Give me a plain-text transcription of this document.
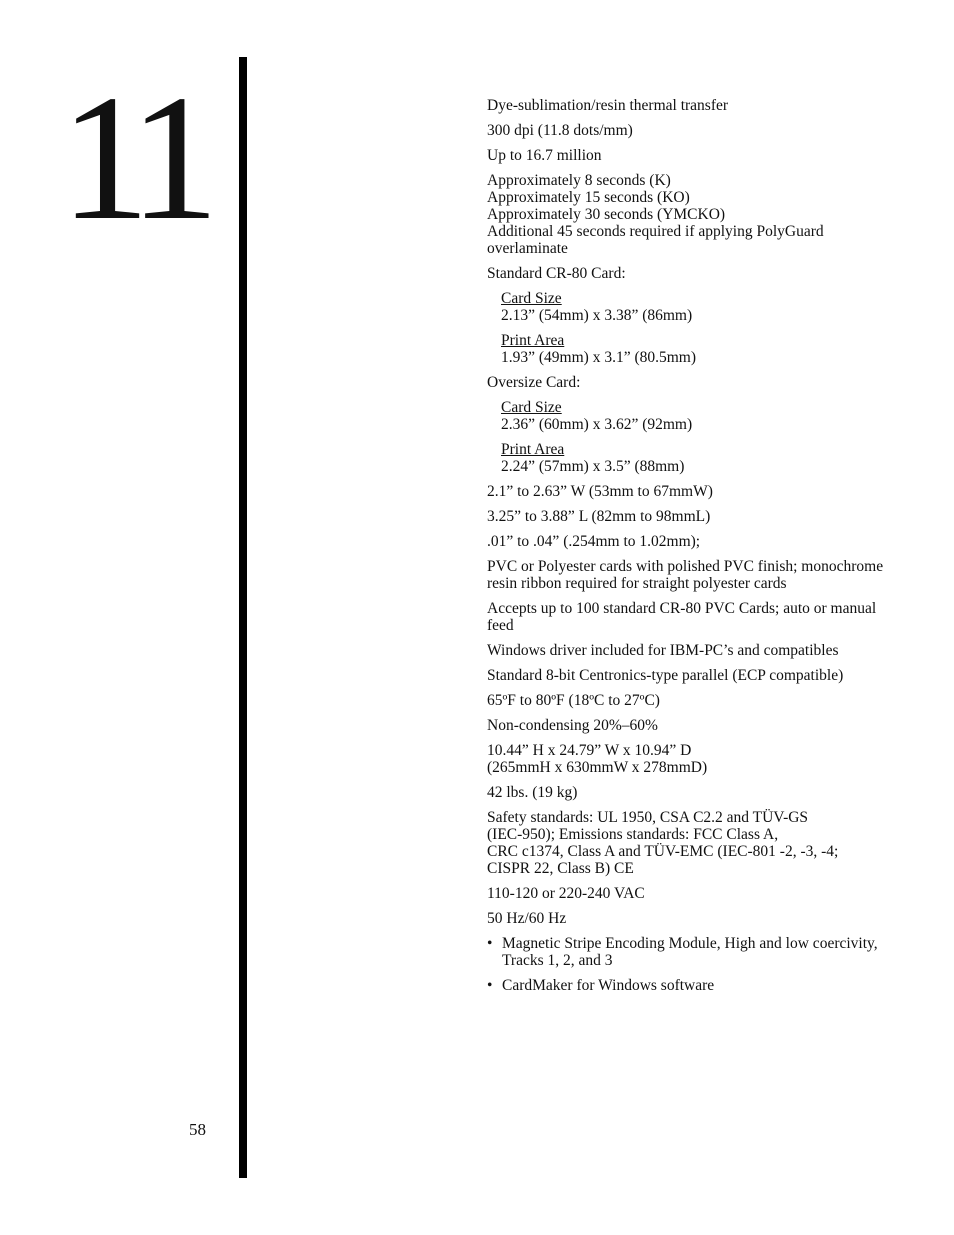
11
58

Dye-sublimation/resin thermal transfer

300 dpi (11.8 dots/mm)

Up to 16.7 million

Approximately 8 seconds (K)
Approximately 15 seconds (KO)
Approximately 30 seconds (YMCKO)
Additional 45 seconds required if applying PolyGuard overlaminate

Standard CR-80 Card:

Card Size
2.13” (54mm) x 3.38” (86mm)

Print Area
1.93” (49mm) x 3.1” (80.5mm)

Oversize Card:

Card Size
2.36” (60mm) x 3.62” (92mm)

Print Area
2.24” (57mm) x 3.5” (88mm)

2.1” to 2.63” W (53mm to 67mmW)

3.25” to 3.88” L (82mm to 98mmL)

.01” to .04” (.254mm to 1.02mm);

PVC or Polyester cards with polished PVC finish; monochrome resin ribbon required for straight polyester cards

Accepts up to 100 standard CR-80 PVC Cards; auto or manual feed

Windows driver included for IBM-PC’s and compatibles

Standard 8-bit Centronics-type parallel (ECP compatible)

65ºF to 80ºF (18ºC to 27ºC)

Non-condensing 20%–60%

10.44” H x 24.79” W x 10.94” D
(265mmH x 630mmW x 278mmD)

42 lbs. (19 kg)

Safety standards: UL 1950, CSA C2.2 and TÜV-GS
(IEC-950); Emissions standards: FCC Class A,
CRC c1374, Class A and TÜV-EMC (IEC-801 -2, -3, -4;
CISPR 22, Class B) CE

110-120 or 220-240 VAC

50 Hz/60 Hz

• Magnetic Stripe Encoding Module, High and low coercivity, Tracks 1, 2, and 3
• CardMaker for Windows software
